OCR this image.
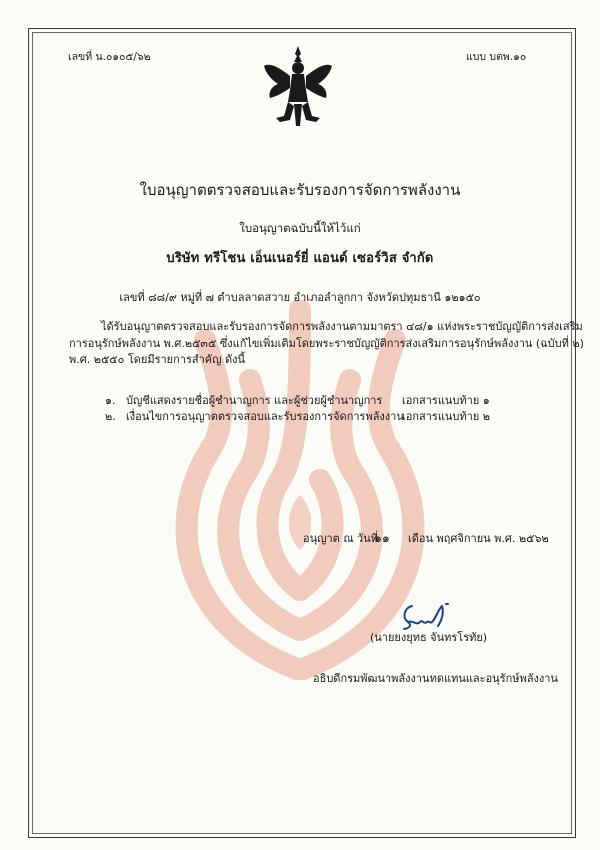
เลขที่ น.๐๑๐๕/๖๒	แบบ บตพ.๑๐
ใบอนุญาตตรวจสอบและรับรองการจัดการพลังงาน
ใบอนุญาตฉบับนี้ให้ไว้แก่
บริษัท ทรีโชน เอ็นเนอร์ยี่ แอนด์ เซอร์วิส จำกัด
เลขที่ ๘๘/๙ หมู่ที่ ๗ ตำบลลาดสวาย อำเภอลำลูกกา จังหวัดปทุมธานี ๑๒๑๕๐
ได้รับอนุญาตตรวจสอบและรับรองการจัดการพลังงานตามมาตรา ๔๘/๑ แห่งพระราชบัญญัติการส่งเสริม
การอนุรักษ์พลังงาน พ.ศ.๒๕๓๕ ซึ่งแก้ไขเพิ่มเติมโดยพระราชบัญญัติการส่งเสริมการอนุรักษ์พลังงาน (ฉบับที่ ๒)
พ.ศ. ๒๕๕๐ โดยมีรายการสำคัญ ดังนี้
๑. บัญชีแสดงรายชื่อผู้ชำนาญการ และผู้ช่วยผู้ชำนาญการ เอกสารแนบท้าย ๑
๒. เงื่อนไขการอนุญาตตรวจสอบและรับรองการจัดการพลังงาน
เอกสารแนบท้าย ๒
อนุญาต ณ วันที่
๑๑ เดือน พฤศจิกายน พ.ศ. ๒๕๖๒
(นายยงยุทธ จันทรโรทัย)
อธิบดีกรมพัฒนาพลังงานทดแทนและอนุรักษ์พลังงาน
